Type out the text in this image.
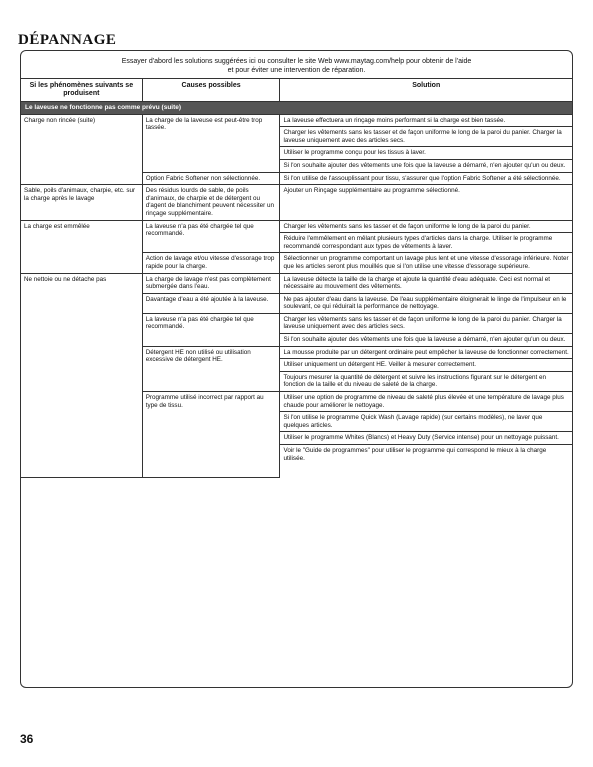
DÉPANNAGE
Essayer d'abord les solutions suggérées ici ou consulter le site Web www.maytag.com/help pour obtenir de l'aide
et pour éviter une intervention de réparation.
Si les phénomènes suivants se produisent	Causes possibles	Solution
Le laveuse ne fonctionne pas comme prévu (suite)		
Charge non rincée (suite)	La charge de la laveuse est peut-être trop tassée.	La laveuse effectuera un rinçage moins performant si la charge est bien tassée.
		Charger les vêtements sans les tasser et de façon uniforme le long de la paroi du panier. Charger la laveuse uniquement avec des articles secs.
		Utiliser le programme conçu pour les tissus à laver.
		Si l'on souhaite ajouter des vêtements une fois que la laveuse a démarré, n'en ajouter qu'un ou deux.
	Option Fabric Softener non sélectionnée.	Si l'on utilise de l'assouplissant pour tissu, s'assurer que l'option Fabric Softener a été sélectionnée.
Sable, poils d'animaux, charpie, etc. sur la charge après le lavage	Des résidus lourds de sable, de poils d'animaux, de charpie et de détergent ou d'agent de blanchiment peuvent nécessiter un rinçage supplémentaire.	Ajouter un Rinçage supplémentaire au programme sélectionné.
La charge est emmêlée	La laveuse n'a pas été chargée tel que recommandé.	Charger les vêtements sans les tasser et de façon uniforme le long de la paroi du panier.
		Réduire l'emmêlement en mêlant plusieurs types d'articles dans la charge. Utiliser le programme recommandé correspondant aux types de vêtements à laver.
	Action de lavage et/ou vitesse d'essorage trop rapide pour la charge.	Sélectionner un programme comportant un lavage plus lent et une vitesse d'essorage inférieure. Noter que les articles seront plus mouillés que si l'on utilise une vitesse d'essorage supérieure.
Ne nettoie ou ne détache pas	La charge de lavage n'est pas complètement submergée dans l'eau.	La laveuse détecte la taille de la charge et ajoute la quantité d'eau adéquate. Ceci est normal et nécessaire au mouvement des vêtements.
	Davantage d'eau a été ajoutée à la laveuse.	Ne pas ajouter d'eau dans la laveuse. De l'eau supplémentaire éloignerait le linge de l'impulseur en le soulevant, ce qui réduirait la performance de nettoyage.
	La laveuse n'a pas été chargée tel que recommandé.	Charger les vêtements sans les tasser et de façon uniforme le long de la paroi du panier. Charger la laveuse uniquement avec des articles secs.
		Si l'on souhaite ajouter des vêtements une fois que la laveuse a démarré, n'en ajouter qu'un ou deux.
	Détergent HE non utilisé ou utilisation excessive de détergent HE.	La mousse produite par un détergent ordinaire peut empêcher la laveuse de fonctionner correctement.
		Utiliser uniquement un détergent HE. Veiller à mesurer correctement.
		Toujours mesurer la quantité de détergent et suivre les instructions figurant sur le détergent en fonction de la taille et du niveau de saleté de la charge.
	Programme utilisé incorrect par rapport au type de tissu.	Utiliser une option de programme de niveau de saleté plus élevée et une température de lavage plus chaude pour améliorer le nettoyage.
		Si l'on utilise le programme Quick Wash (Lavage rapide) (sur certains modèles), ne laver que quelques articles.
		Utiliser le programme Whites (Blancs) et Heavy Duty (Service intense) pour un nettoyage puissant.
		Voir le "Guide de programmes" pour utiliser le programme qui correspond le mieux à la charge utilisée.
36
